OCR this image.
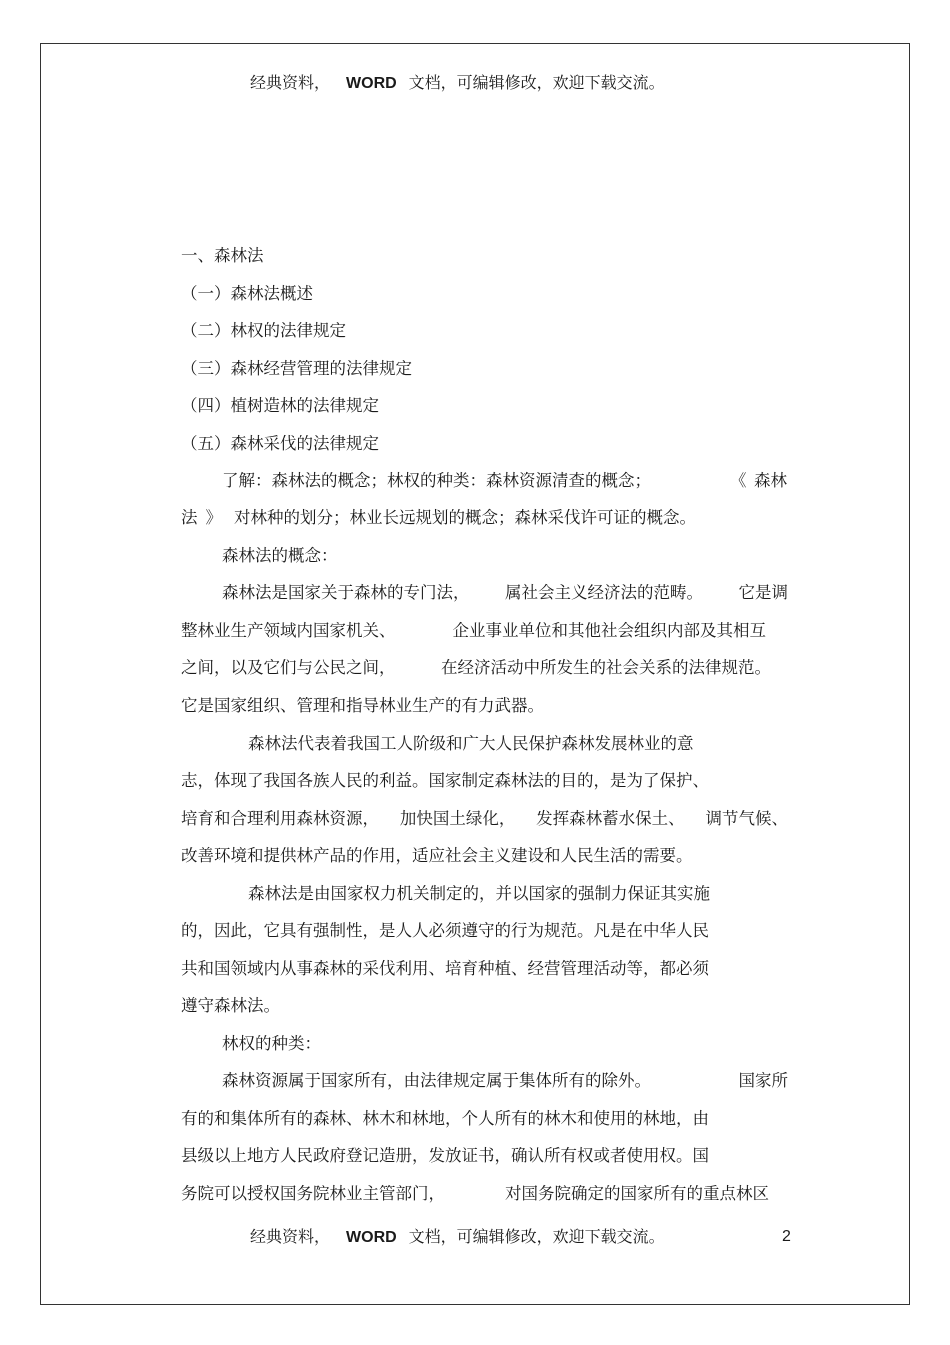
经典资料， WORD 文档，可编辑修改，欢迎下载交流。
一、森林法
（一）森林法概述
（二）林权的法律规定
（三）森林经营管理的法律规定
（四）植树造林的法律规定
（五）森林采伐的法律规定
了解：森林法的概念；林权的种类：森林资源清查的概念；	《 森林
法 》 对林种的划分；林业长远规划的概念；森林采伐许可证的概念。
森林法的概念：
森林法是国家关于森林的专门法， 属社会主义经济法的范畴。 它是调
整林业生产领域内国家机关、	企业事业单位和其他社会组织内部及其相互
之间，以及它们与公民之间，	在经济活动中所发生的社会关系的法律规范。
它是国家组织、管理和指导林业生产的有力武器。
森林法代表着我国工人阶级和广大人民保护森林发展林业的意
志，体现了我国各族人民的利益。国家制定森林法的目的，是为了保护、
培育和合理利用森林资源， 加快国土绿化， 发挥森林蓄水保土、 调节气候、
改善环境和提供林产品的作用，适应社会主义建设和人民生活的需要。
森林法是由国家权力机关制定的，并以国家的强制力保证其实施
的，因此，它具有强制性，是人人必须遵守的行为规范。凡是在中华人民
共和国领域内从事森林的采伐利用、培育种植、经营管理活动等，都必须
遵守森林法。
林权的种类：
森林资源属于国家所有，由法律规定属于集体所有的除外。	国家所
有的和集体所有的森林、林木和林地，个人所有的林木和使用的林地，由
县级以上地方人民政府登记造册，发放证书，确认所有权或者使用权。国
务院可以授权国务院林业主管部门，	对国务院确定的国家所有的重点林区
经典资料， WORD 文档，可编辑修改，欢迎下载交流。	2
